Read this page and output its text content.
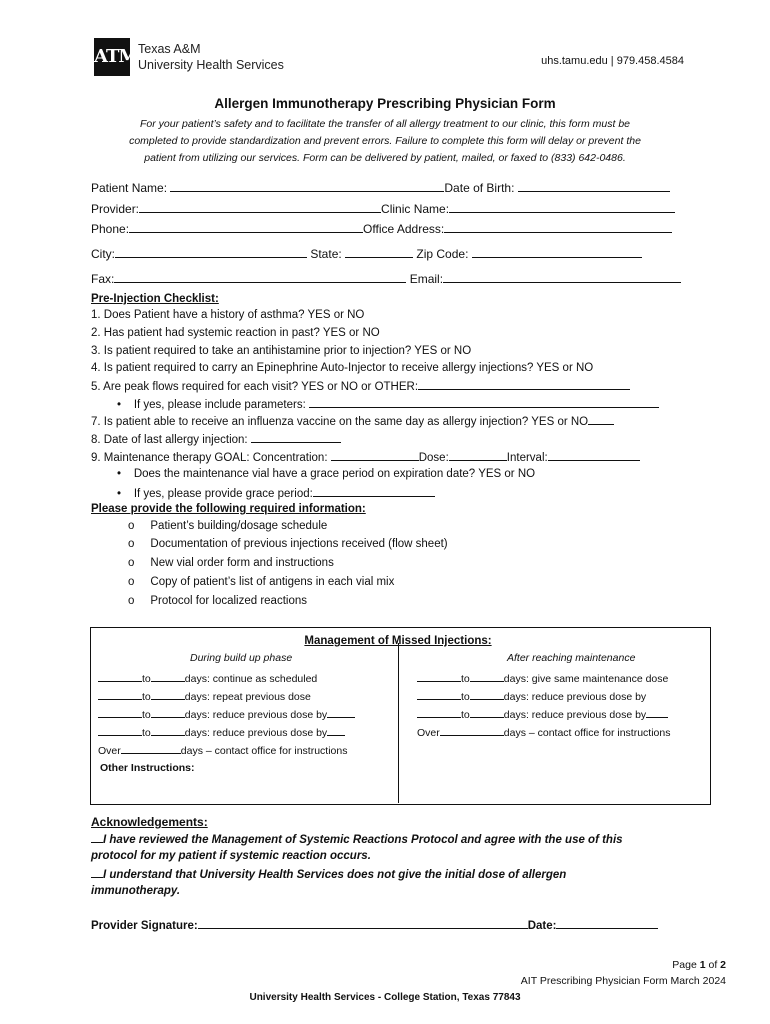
ATM Texas A&M
University Health Services	uhs.tamu.edu | 979.458.4584
Allergen Immunotherapy Prescribing Physician Form
For your patient’s safety and to facilitate the transfer of all allergy treatment to our clinic, this form must be
completed to provide standardization and prevent errors. Failure to complete this form will delay or prevent the
patient from utilizing our services. Form can be delivered by patient, mailed, or faxed to (833) 642-0486.
Patient Name:	Date of Birth:
Provider:	Clinic Name:
Phone:	Office Address:
City:	State:	Zip Code:
Fax:	Email:
Pre-Injection Checklist:
1. Does Patient have a history of asthma? YES or NO
2. Has patient had systemic reaction in past? YES or NO
3. Is patient required to take an antihistamine prior to injection? YES or NO
4. Is patient required to carry an Epinephrine Auto-Injector to receive allergy injections? YES or NO
5. Are peak flows required for each visit? YES or NO or OTHER:
• If yes, please include parameters:
7. Is patient able to receive an influenza vaccine on the same day as allergy injection? YES or NO
8. Date of last allergy injection:
9. Maintenance therapy GOAL: Concentration:	Dose:	Interval:
• Does the maintenance vial have a grace period on expiration date? YES or NO
• If yes, please provide grace period:
Please provide the following required information:
o Patient’s building/dosage schedule
o Documentation of previous injections received (flow sheet)
o New vial order form and instructions
o Copy of patient’s list of antigens in each vial mix
o Protocol for localized reactions
Management of Missed Injections:
During build up phase	After reaching maintenance
to	days: continue as scheduled
to	days: repeat previous dose
to	days: reduce previous dose by
to	days: reduce previous dose by
Over	days – contact office for instructions
Other Instructions:
to	days: give same maintenance dose
to	days: reduce previous dose by
to	days: reduce previous dose by
Over	days – contact office for instructions
Acknowledgements:
I have reviewed the Management of Systemic Reactions Protocol and agree with the use of this
protocol for my patient if systemic reaction occurs.
I understand that University Health Services does not give the initial dose of allergen
immunotherapy.
Provider Signature:	Date:
Page 1 of 2
AIT Prescribing Physician Form March 2024
University Health Services - College Station, Texas 77843
